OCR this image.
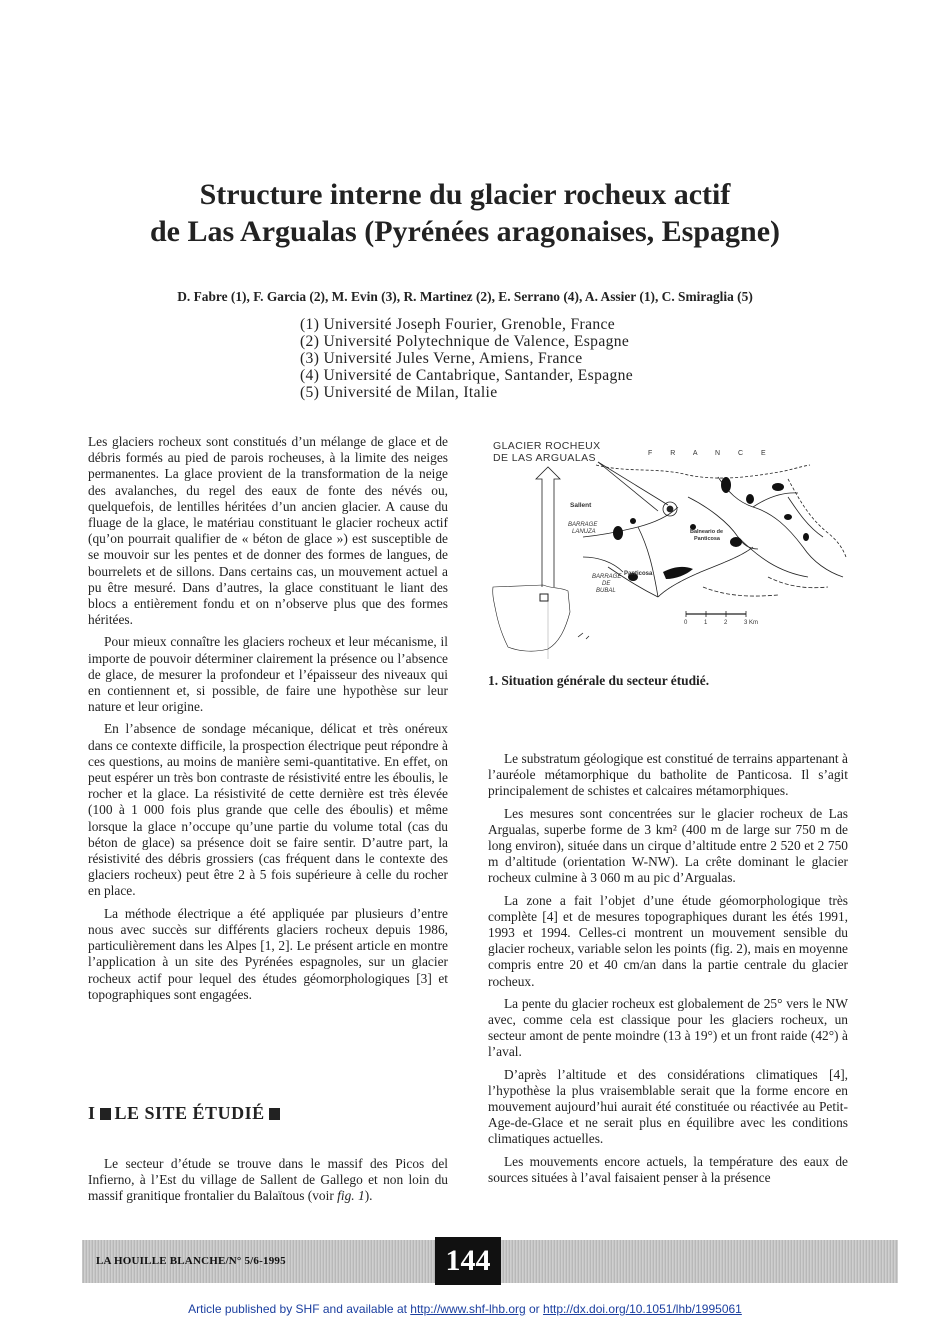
Structure interne du glacier rocheux actif
de Las Argualas (Pyrénées aragonaises, Espagne)
D. Fabre (1), F. Garcia (2), M. Evin (3), R. Martinez (2), E. Serrano (4), A. Assier (1), C. Smiraglia (5)
(1) Université Joseph Fourier, Grenoble, France
(2) Université Polytechnique de Valence, Espagne
(3) Université Jules Verne, Amiens, France
(4) Université de Cantabrique, Santander, Espagne
(5) Université de Milan, Italie

Les glaciers rocheux sont constitués d’un mélange de glace et de débris formés au pied de parois rocheuses, à la limite des neiges permanentes. La glace provient de la transformation de la neige des avalanches, du regel des eaux de fonte des névés ou, quelquefois, de lentilles héritées d’un ancien glacier. A cause du fluage de la glace, le matériau constituant le glacier rocheux actif (qu’on pourrait qualifier de « béton de glace ») est susceptible de se mouvoir sur les pentes et de donner des formes de langues, de bourrelets et de sillons. Dans certains cas, un mouvement actuel a pu être mesuré. Dans d’autres, la glace constituant le liant des blocs a entièrement fondu et on n’observe plus que des formes héritées.

Pour mieux connaître les glaciers rocheux et leur mécanisme, il importe de pouvoir déterminer clairement la présence ou l’absence de glace, de mesurer la profondeur et l’épaisseur des niveaux qui en contiennent et, si possible, de faire une hypothèse sur leur nature et leur origine.

En l’absence de sondage mécanique, délicat et très onéreux dans ce contexte difficile, la prospection électrique peut répondre à ces questions, au moins de manière semi-quantitative. En effet, on peut espérer un très bon contraste de résistivité entre les éboulis, le rocher et la glace. La résistivité de cette dernière est très élevée (100 à 1 000 fois plus grande que celle des éboulis) et même lorsque la glace n’occupe qu’une partie du volume total (cas du béton de glace) sa présence doit se faire sentir. D’autre part, la résistivité des débris grossiers (cas fréquent dans le contexte des glaciers rocheux) peut être 2 à 5 fois supérieure à celle du rocher en place.

La méthode électrique a été appliquée par plusieurs d’entre nous avec succès sur différents glaciers rocheux depuis 1986, particulièrement dans les Alpes [1, 2]. Le présent article en montre l’application à un site des Pyrénées espagnoles, sur un glacier rocheux actif pour lequel des études géomorphologiques [3] et topographiques sont engagées.

I LE SITE ÉTUDIÉ

Le secteur d’étude se trouve dans le massif des Picos del Infierno, à l’Est du village de Sallent de Gallego et non loin du massif granitique frontalier du Balaïtous (voir fig. 1).

GLACIER ROCHEUX
DE LAS ARGUALAS	F R A N C E
Sallent
BARRAGE
LANUZA	Balneario de
Panticosa
Panticosa
BARRAGE
DE
BUBAL
0	1	2	3 Km
1. Situation générale du secteur étudié.

Le substratum géologique est constitué de terrains appartenant à l’auréole métamorphique du batholite de Panticosa. Il s’agit principalement de schistes et calcaires métamorphiques.

Les mesures sont concentrées sur le glacier rocheux de Las Argualas, superbe forme de 3 km² (400 m de large sur 750 m de long environ), située dans un cirque d’altitude entre 2 520 et 2 750 m d’altitude (orientation W-NW). La crête dominant le glacier rocheux culmine à 3 060 m au pic d’Argualas.

La zone a fait l’objet d’une étude géomorphologique très complète [4] et de mesures topographiques durant les étés 1991, 1993 et 1994. Celles-ci montrent un mouvement sensible du glacier rocheux, variable selon les points (fig. 2), mais en moyenne compris entre 20 et 40 cm/an dans la partie centrale du glacier rocheux.

La pente du glacier rocheux est globalement de 25° vers le NW avec, comme cela est classique pour les glaciers rocheux, un secteur amont de pente moindre (13 à 19°) et un front raide (42°) à l’aval.

D’après l’altitude et des considérations climatiques [4], l’hypothèse la plus vraisemblable serait que la forme encore en mouvement aujourd’hui aurait été constituée ou réactivée au Petit-Age-de-Glace et ne serait plus en équilibre avec les conditions climatiques actuelles.

Les mouvements encore actuels, la température des eaux de sources situées à l’aval faisaient penser à la présence

LA HOUILLE BLANCHE/N° 5/6-1995	144
Article published by SHF and available at http://www.shf-lhb.org or http://dx.doi.org/10.1051/lhb/1995061
